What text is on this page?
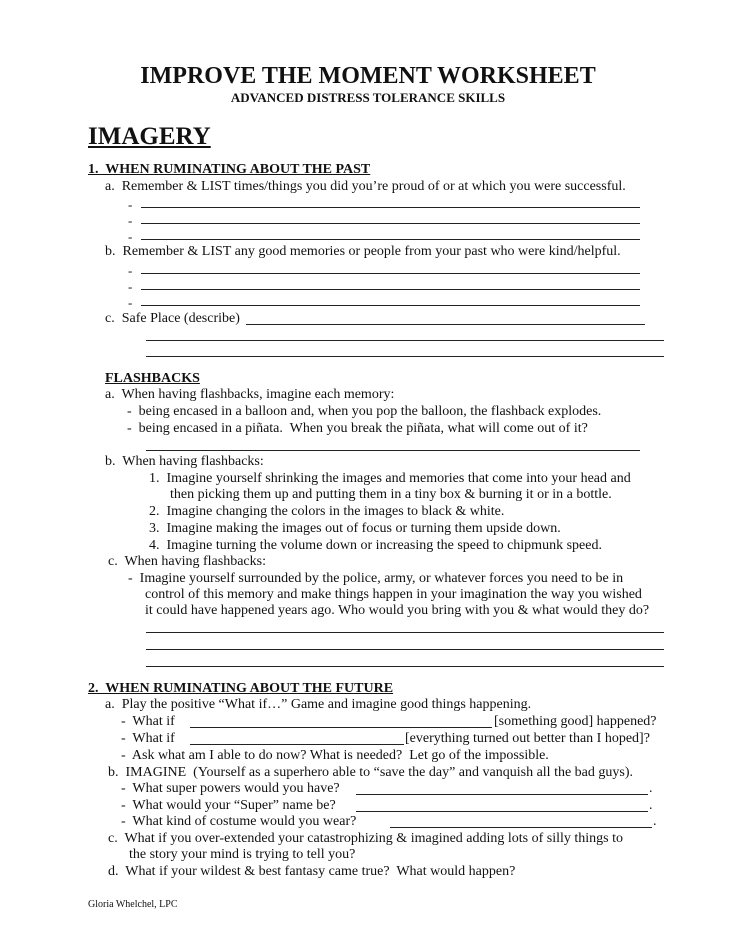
IMPROVE THE MOMENT WORKSHEET
ADVANCED DISTRESS TOLERANCE SKILLS
IMAGERY
1.  WHEN RUMINATING ABOUT THE PAST
a.  Remember & LIST times/things you did you’re proud of or at which you were successful.
-
-
-
b.  Remember & LIST any good memories or people from your past who were kind/helpful.
-
-
-
c.  Safe Place (describe)
FLASHBACKS
a.  When having flashbacks, imagine each memory:
-  being encased in a balloon and, when you pop the balloon, the flashback explodes.
-  being encased in a piñata.  When you break the piñata, what will come out of it?
b.  When having flashbacks:
1.  Imagine yourself shrinking the images and memories that come into your head and
then picking them up and putting them in a tiny box & burning it or in a bottle.
2.  Imagine changing the colors in the images to black & white.
3.  Imagine making the images out of focus or turning them upside down.
4.  Imagine turning the volume down or increasing the speed to chipmunk speed.
c.  When having flashbacks:
-  Imagine yourself surrounded by the police, army, or whatever forces you need to be in
control of this memory and make things happen in your imagination the way you wished
it could have happened years ago. Who would you bring with you & what would they do?
2.  WHEN RUMINATING ABOUT THE FUTURE
a.  Play the positive “What if…” Game and imagine good things happening.
-  What if	[something good] happened?
-  What if	[everything turned out better than I hoped]?
-  Ask what am I able to do now? What is needed?  Let go of the impossible.
b.  IMAGINE  (Yourself as a superhero able to “save the day” and vanquish all the bad guys).
-  What super powers would you have?	.
-  What would your “Super” name be?	.
-  What kind of costume would you wear?	.
c.  What if you over-extended your catastrophizing & imagined adding lots of silly things to
the story your mind is trying to tell you?
d.  What if your wildest & best fantasy came true?  What would happen?
Gloria Whelchel, LPC
